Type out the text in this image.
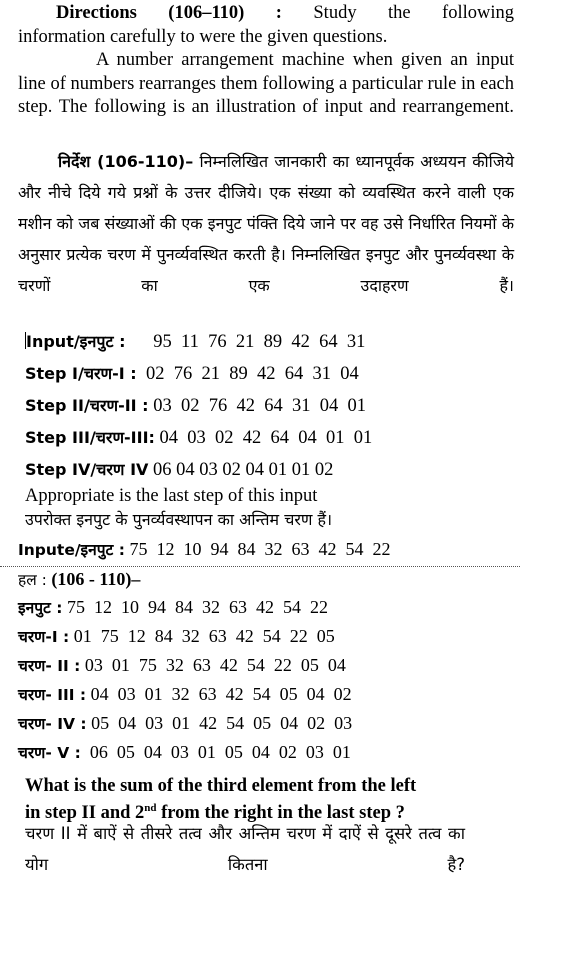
Directions (106–110) : Study the following
information carefully to were the given questions.
A number arrangement machine when given an input line of numbers rearranges them following a particular rule in each step. The following is an illustration of input and rearrangement.
निर्देश (106-110)– निम्नलिखित जानकारी का ध्यानपूर्वक अध्ययन कीजिये और नीचे दिये गये प्रश्नों के उत्तर दीजिये। एक संख्या को व्यवस्थित करने वाली एक मशीन को जब संख्याओं की एक इनपुट पंक्ति दिये जाने पर वह उसे निर्धारित नियमों के अनुसार प्रत्येक चरण में पुनर्व्यवस्थित करती है। निम्नलिखित इनपुट और पुनर्व्यवस्था के चरणों का एक उदाहरण हैं।
Input/इनपुट : 95  11  76  21  89  42  64  31
Step I/चरण-I : 02  76  21  89  42  64  31  04
Step II/चरण-II : 03  02  76  42  64  31  04  01
Step III/चरण-III: 04  03  02  42  64  04  01  01
Step IV/चरण IV 06 04 03 02 04 01 01 02
Appropriate is the last step of this input
उपरोक्त इनपुट के पुनर्व्यवस्थापन का अन्तिम चरण हैं।
Inpute/इनपुट : 75  12  10  94  84  32  63  42  54  22
हल : (106 - 110)–
इनपुट : 75  12  10  94  84  32  63  42  54  22
चरण-I : 01  75  12  84  32  63  42  54  22  05
चरण- II : 03  01  75  32  63  42  54  22  05  04
चरण- III : 04  03  01  32  63  42  54  05  04  02
चरण- IV : 05  04  03  01  42  54  05  04  02  03
चरण- V : 06  05  04  03  01  05  04  02  03  01
What is the sum of the third element from the left
in step II and 2nd from the right in the last step ?
चरण II में बाऐं से तीसरे तत्व और अन्तिम चरण में दाऐं से दूसरे तत्व का योग कितना है?
